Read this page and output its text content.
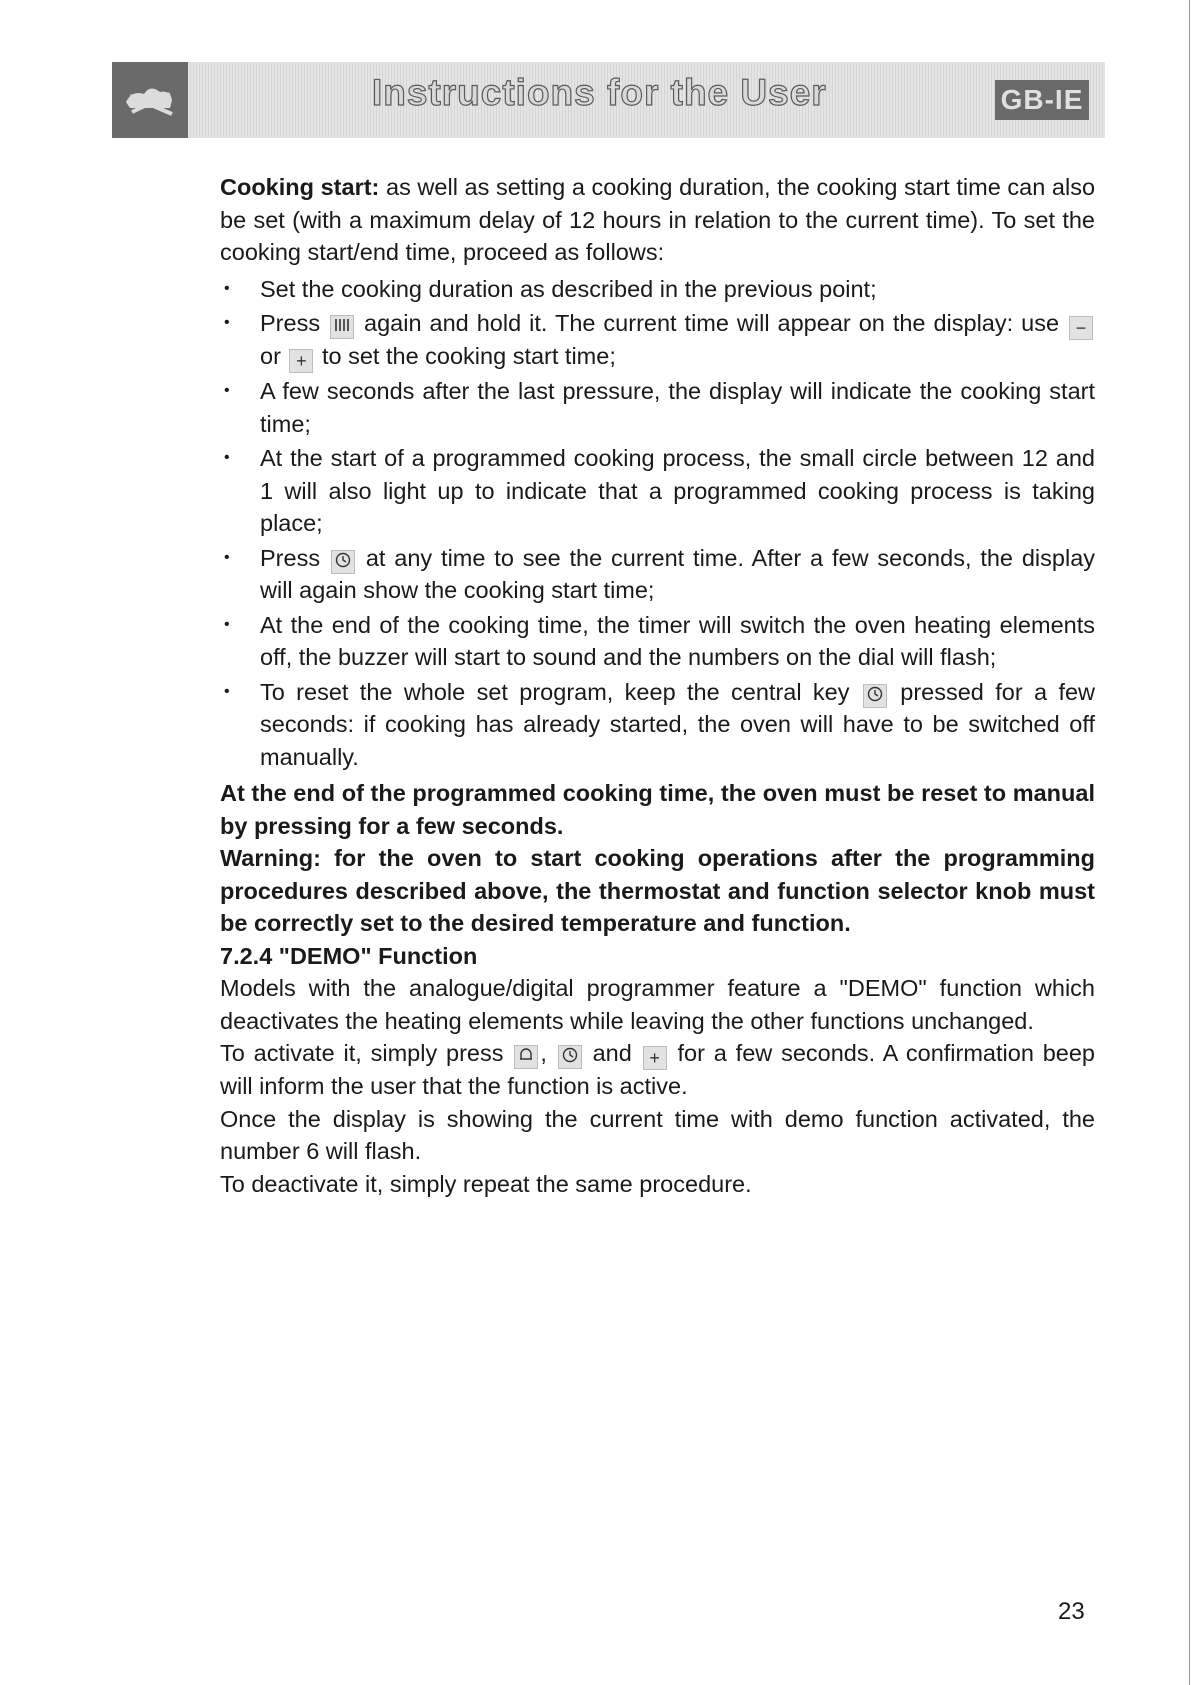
Instructions for the User	GB-IE

Cooking start: as well as setting a cooking duration, the cooking start time can also be set (with a maximum delay of 12 hours in relation to the current time). To set the cooking start/end time, proceed as follows:

• Set the cooking duration as described in the previous point;
• Press again and hold it. The current time will appear on the display: use − or + to set the cooking start time;
• A few seconds after the last pressure, the display will indicate the cooking start time;
• At the start of a programmed cooking process, the small circle between 12 and 1 will also light up to indicate that a programmed cooking process is taking place;
• Press at any time to see the current time. After a few seconds, the display will again show the cooking start time;
• At the end of the cooking time, the timer will switch the oven heating elements off, the buzzer will start to sound and the numbers on the dial will flash;
• To reset the whole set program, keep the central key pressed for a few seconds: if cooking has already started, the oven will have to be switched off manually.

At the end of the programmed cooking time, the oven must be reset to manual by pressing for a few seconds.

Warning: for the oven to start cooking operations after the programming procedures described above, the thermostat and function selector knob must be correctly set to the desired temperature and function.

7.2.4 "DEMO" Function

Models with the analogue/digital programmer feature a "DEMO" function which deactivates the heating elements while leaving the other functions unchanged.

To activate it, simply press , and + for a few seconds. A confirmation beep will inform the user that the function is active.

Once the display is showing the current time with demo function activated, the number 6 will flash.

To deactivate it, simply repeat the same procedure.

23
